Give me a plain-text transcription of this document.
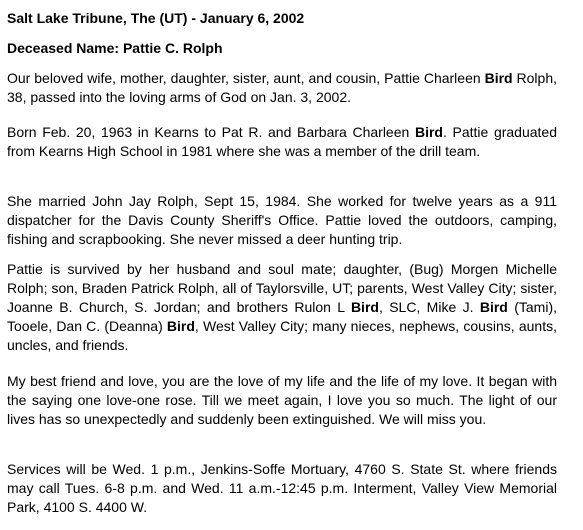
Salt Lake Tribune, The (UT) - January 6, 2002
Deceased Name: Pattie C. Rolph
Our beloved wife, mother, daughter, sister, aunt, and cousin, Pattie Charleen Bird Rolph, 38, passed into the loving arms of God on Jan. 3, 2002.
Born Feb. 20, 1963 in Kearns to Pat R. and Barbara Charleen Bird. Pattie graduated from Kearns High School in 1981 where she was a member of the drill team.
She married John Jay Rolph, Sept 15, 1984. She worked for twelve years as a 911 dispatcher for the Davis County Sheriff's Office. Pattie loved the outdoors, camping, fishing and scrapbooking. She never missed a deer hunting trip.
Pattie is survived by her husband and soul mate; daughter, (Bug) Morgen Michelle Rolph; son, Braden Patrick Rolph, all of Taylorsville, UT; parents, West Valley City; sister, Joanne B. Church, S. Jordan; and brothers Rulon L Bird, SLC, Mike J. Bird (Tami), Tooele, Dan C. (Deanna) Bird, West Valley City; many nieces, nephews, cousins, aunts, uncles, and friends.
My best friend and love, you are the love of my life and the life of my love. It began with the saying one love-one rose. Till we meet again, I love you so much. The light of our lives has so unexpectedly and suddenly been extinguished. We will miss you.
Services will be Wed. 1 p.m., Jenkins-Soffe Mortuary, 4760 S. State St. where friends may call Tues. 6-8 p.m. and Wed. 11 a.m.-12:45 p.m. Interment, Valley View Memorial Park, 4100 S. 4400 W.
